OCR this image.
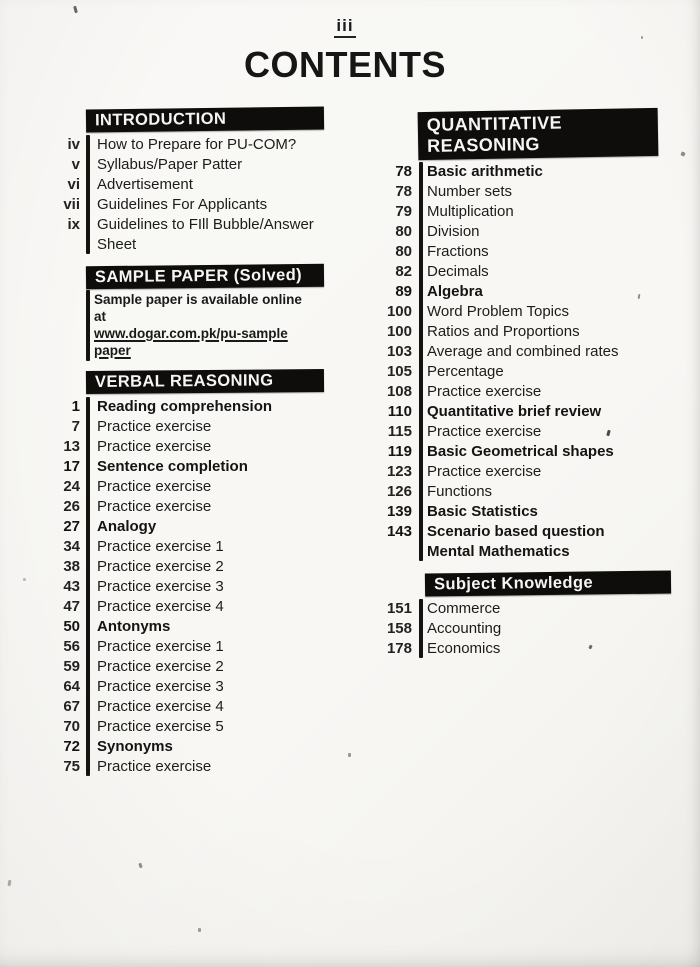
iii
CONTENTS
INTRODUCTION
iv How to Prepare for PU-COM?
v Syllabus/Paper Patter
vi Advertisement
vii Guidelines For Applicants
ix Guidelines to FIll Bubble/Answer Sheet
SAMPLE PAPER (Solved)
Sample paper is available online at
www.dogar.com.pk/pu-sample paper
VERBAL REASONING
1 Reading comprehension
7 Practice exercise
13 Practice exercise
17 Sentence completion
24 Practice exercise
26 Practice exercise
27 Analogy
34 Practice exercise 1
38 Practice exercise 2
43 Practice exercise 3
47 Practice exercise 4
50 Antonyms
56 Practice exercise 1
59 Practice exercise 2
64 Practice exercise 3
67 Practice exercise 4
70 Practice exercise 5
72 Synonyms
75 Practice exercise
QUANTITATIVE
REASONING
78 Basic arithmetic
78 Number sets
79 Multiplication
80 Division
80 Fractions
82 Decimals
89 Algebra
100 Word Problem Topics
100 Ratios and Proportions
103 Average and combined rates
105 Percentage
108 Practice exercise
110 Quantitative brief review
115 Practice exercise
119 Basic Geometrical shapes
123 Practice exercise
126 Functions
139 Basic Statistics
143 Scenario based question
Mental Mathematics
Subject Knowledge
151 Commerce
158 Accounting
178 Economics
